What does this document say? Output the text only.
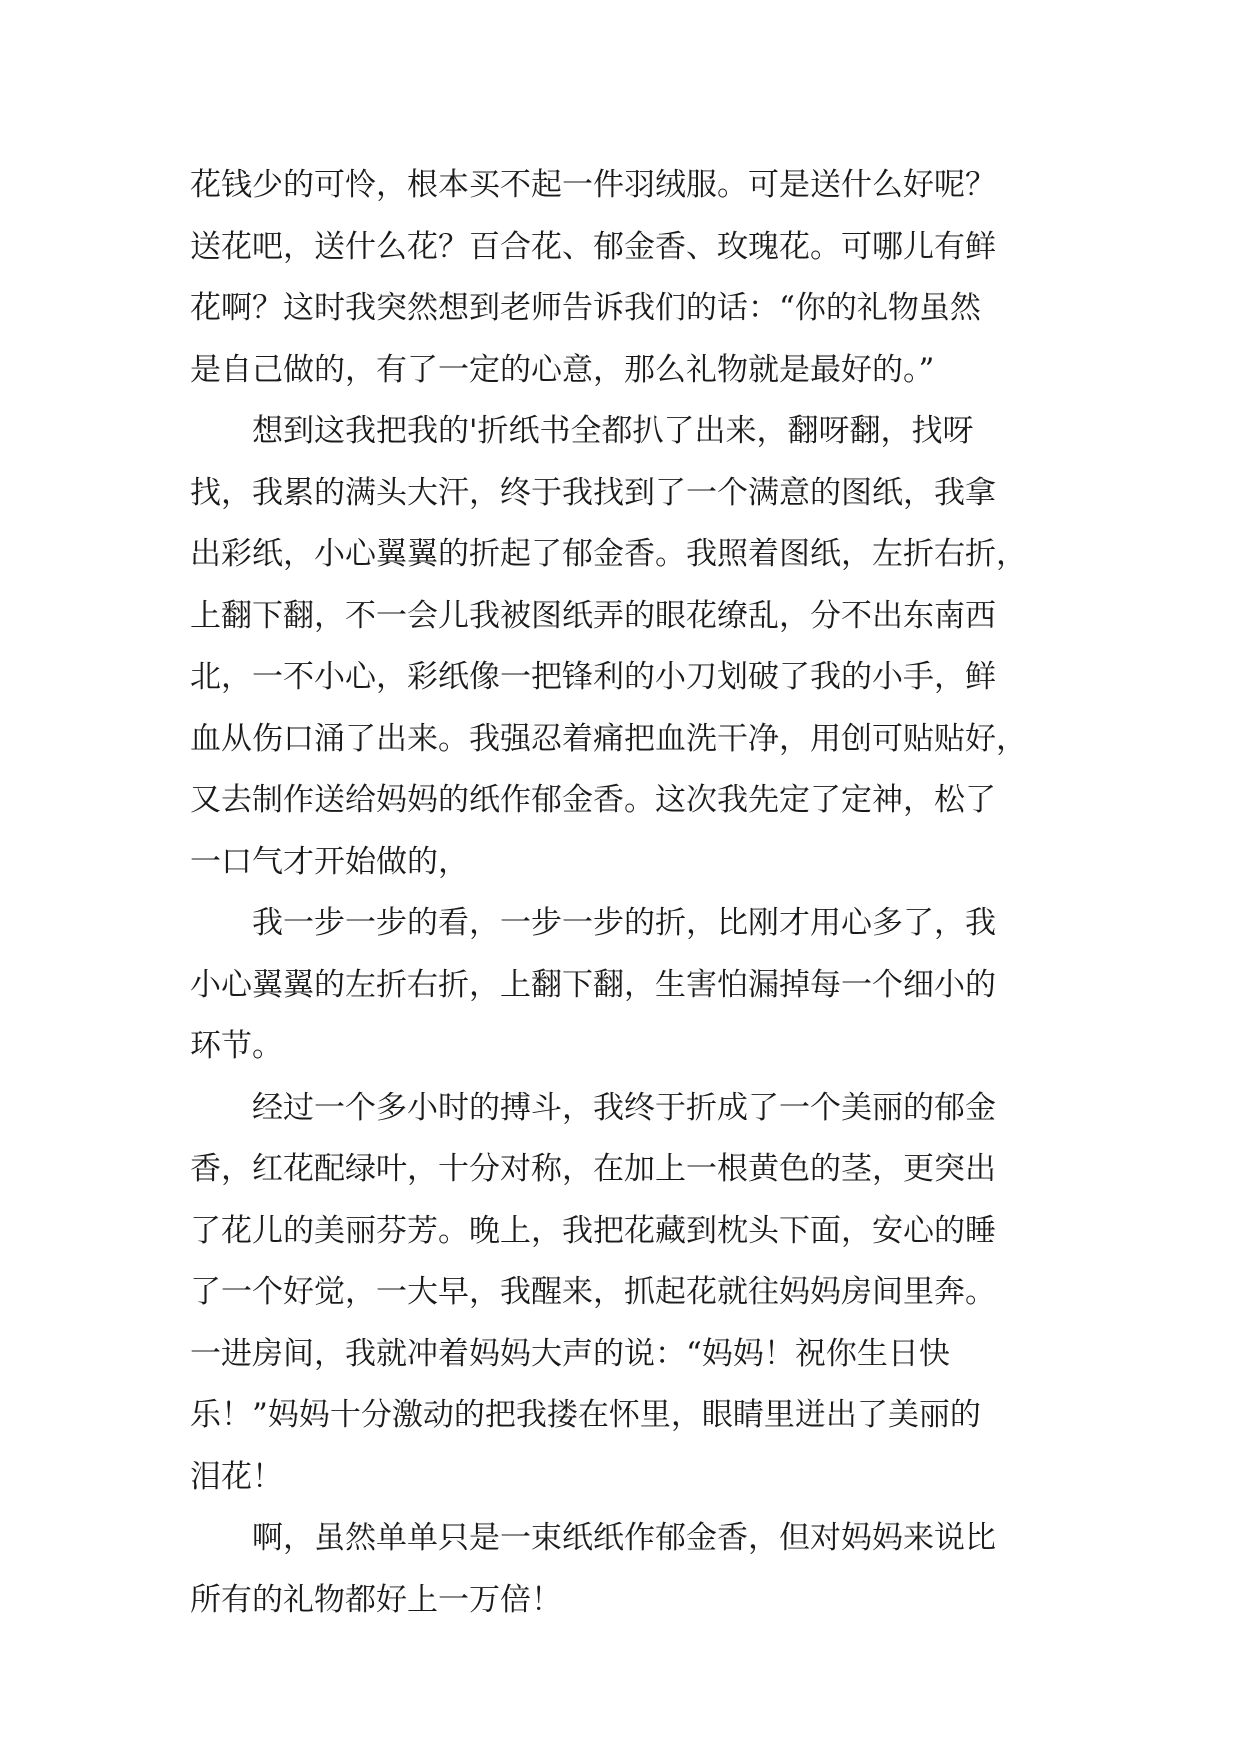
花钱少的可怜，根本买不起一件羽绒服。可是送什么好呢？
送花吧，送什么花？百合花、郁金香、玫瑰花。可哪儿有鲜
花啊？这时我突然想到老师告诉我们的话：“你的礼物虽然
是自己做的，有了一定的心意，那么礼物就是最好的。”
　　想到这我把我的'折纸书全都扒了出来，翻呀翻，找呀
找，我累的满头大汗，终于我找到了一个满意的图纸，我拿
出彩纸，小心翼翼的折起了郁金香。我照着图纸，左折右折，
上翻下翻，不一会儿我被图纸弄的眼花缭乱，分不出东南西
北，一不小心，彩纸像一把锋利的小刀划破了我的小手，鲜
血从伤口涌了出来。我强忍着痛把血洗干净，用创可贴贴好，
又去制作送给妈妈的纸作郁金香。这次我先定了定神，松了
一口气才开始做的，
　　我一步一步的看，一步一步的折，比刚才用心多了，我
小心翼翼的左折右折，上翻下翻，生害怕漏掉每一个细小的
环节。
　　经过一个多小时的搏斗，我终于折成了一个美丽的郁金
香，红花配绿叶，十分对称，在加上一根黄色的茎，更突出
了花儿的美丽芬芳。晚上，我把花藏到枕头下面，安心的睡
了一个好觉，一大早，我醒来，抓起花就往妈妈房间里奔。
一进房间，我就冲着妈妈大声的说：“妈妈！祝你生日快
乐！”妈妈十分激动的把我搂在怀里，眼睛里迸出了美丽的
泪花！
　　啊，虽然单单只是一束纸纸作郁金香，但对妈妈来说比
所有的礼物都好上一万倍！
